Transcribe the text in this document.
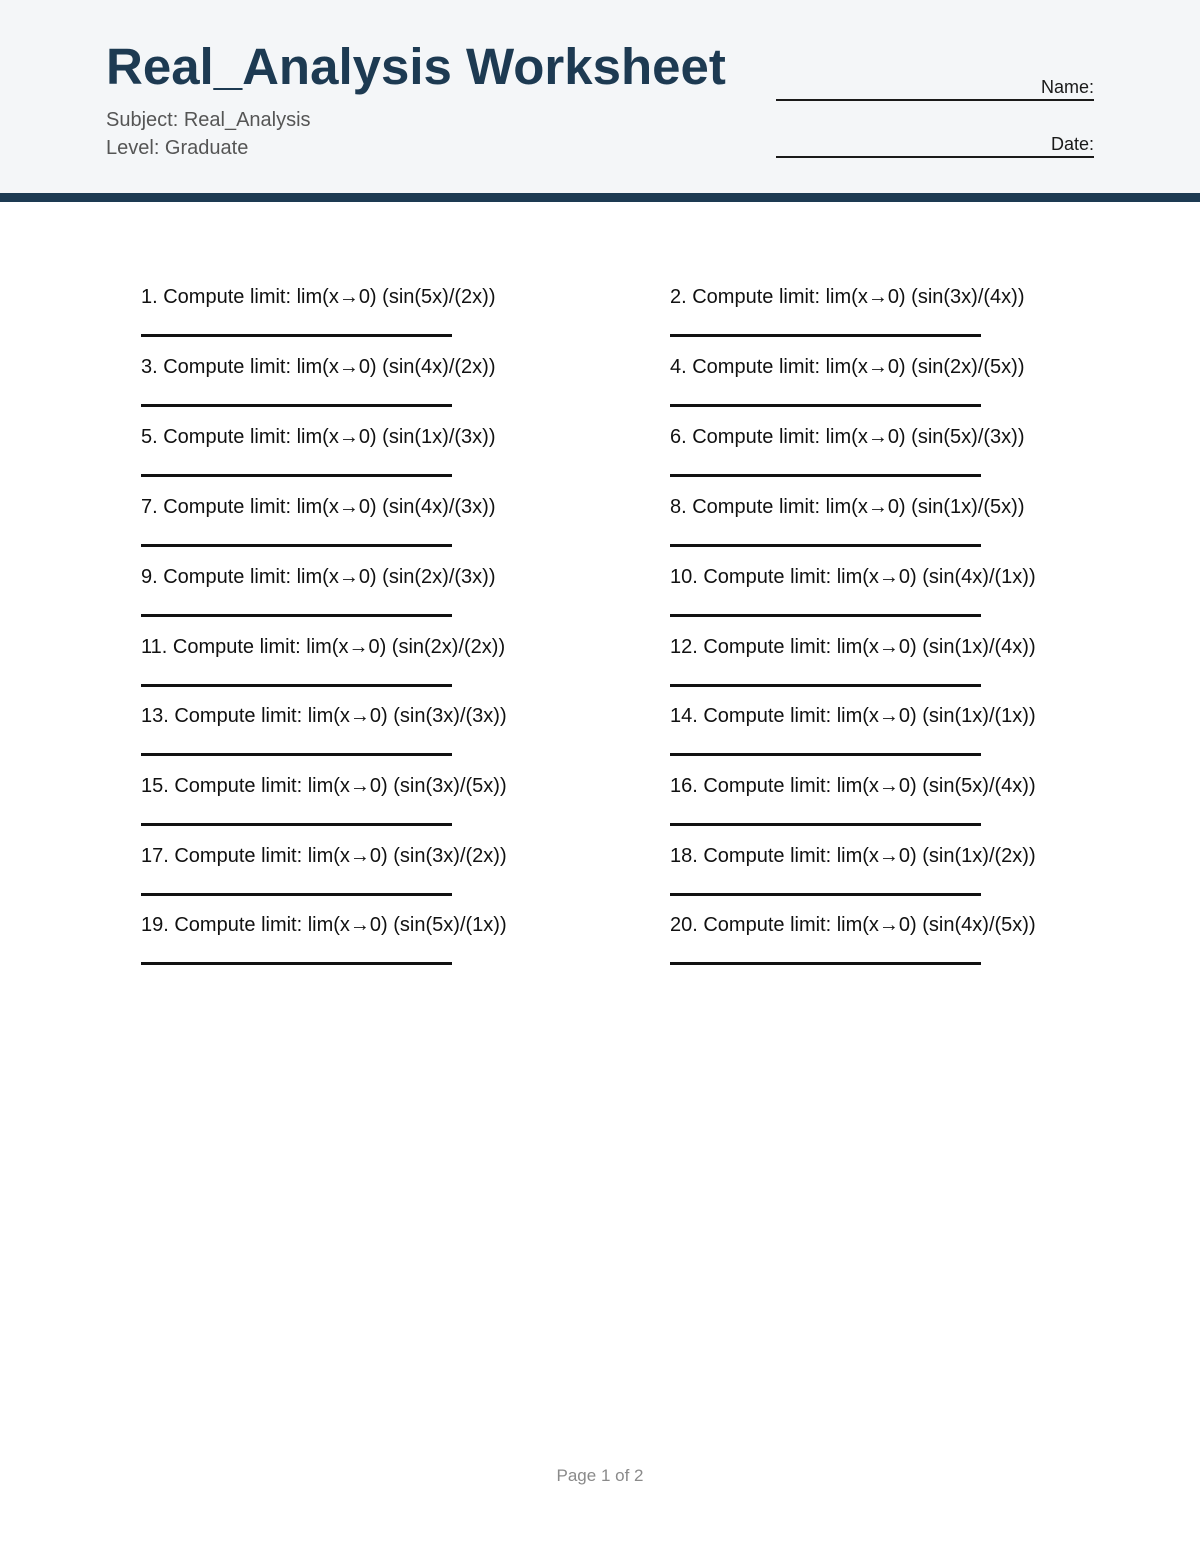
Real_Analysis Worksheet
Subject: Real_Analysis
Level: Graduate
Name:
Date:
1. Compute limit: lim(x→0) (sin(5x)/(2x))	2. Compute limit: lim(x→0) (sin(3x)/(4x))
3. Compute limit: lim(x→0) (sin(4x)/(2x))	4. Compute limit: lim(x→0) (sin(2x)/(5x))
5. Compute limit: lim(x→0) (sin(1x)/(3x))	6. Compute limit: lim(x→0) (sin(5x)/(3x))
7. Compute limit: lim(x→0) (sin(4x)/(3x))	8. Compute limit: lim(x→0) (sin(1x)/(5x))
9. Compute limit: lim(x→0) (sin(2x)/(3x))	10. Compute limit: lim(x→0) (sin(4x)/(1x))
11. Compute limit: lim(x→0) (sin(2x)/(2x))	12. Compute limit: lim(x→0) (sin(1x)/(4x))
13. Compute limit: lim(x→0) (sin(3x)/(3x))	14. Compute limit: lim(x→0) (sin(1x)/(1x))
15. Compute limit: lim(x→0) (sin(3x)/(5x))	16. Compute limit: lim(x→0) (sin(5x)/(4x))
17. Compute limit: lim(x→0) (sin(3x)/(2x))	18. Compute limit: lim(x→0) (sin(1x)/(2x))
19. Compute limit: lim(x→0) (sin(5x)/(1x))	20. Compute limit: lim(x→0) (sin(4x)/(5x))
Page 1 of 2
